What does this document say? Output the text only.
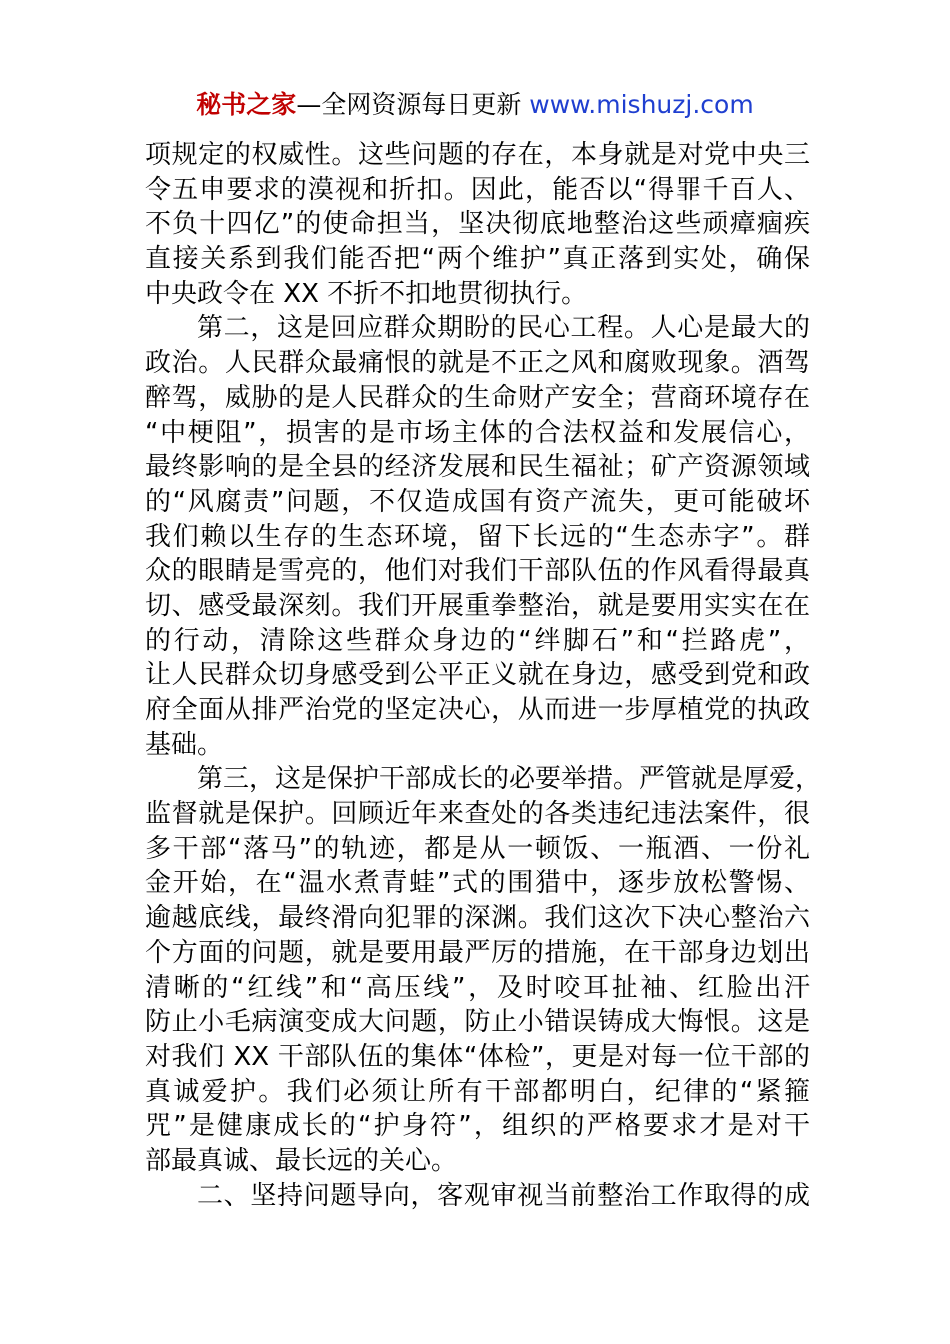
秘书之家—全网资源每日更新 www.mishuzj.com
项规定的权威性。这些问题的存在，本身就是对党中央三
令五申要求的漠视和折扣。因此，能否以“得罪千百人、
不负十四亿”的使命担当，坚决彻底地整治这些顽瘴痼疾
直接关系到我们能否把“两个维护”真正落到实处，确保
中央政令在 XX 不折不扣地贯彻执行。
第二，这是回应群众期盼的民心工程。人心是最大的
政治。人民群众最痛恨的就是不正之风和腐败现象。酒驾
醉驾，威胁的是人民群众的生命财产安全；营商环境存在
“中梗阻”，损害的是市场主体的合法权益和发展信心，
最终影响的是全县的经济发展和民生福祉；矿产资源领域
的“风腐责”问题，不仅造成国有资产流失，更可能破坏
我们赖以生存的生态环境，留下长远的“生态赤字”。群
众的眼睛是雪亮的，他们对我们干部队伍的作风看得最真
切、感受最深刻。我们开展重拳整治，就是要用实实在在
的行动，清除这些群众身边的“绊脚石”和“拦路虎”，
让人民群众切身感受到公平正义就在身边，感受到党和政
府全面从排严治党的坚定决心，从而进一步厚植党的执政
基础。
第三，这是保护干部成长的必要举措。严管就是厚爱，
监督就是保护。回顾近年来查处的各类违纪违法案件，很
多干部“落马”的轨迹，都是从一顿饭、一瓶酒、一份礼
金开始，在“温水煮青蛙”式的围猎中，逐步放松警惕、
逾越底线，最终滑向犯罪的深渊。我们这次下决心整治六
个方面的问题，就是要用最严厉的措施，在干部身边划出
清晰的“红线”和“高压线”，及时咬耳扯袖、红脸出汗
防止小毛病演变成大问题，防止小错误铸成大悔恨。这是
对我们 XX 干部队伍的集体“体检”，更是对每一位干部的
真诚爱护。我们必须让所有干部都明白，纪律的“紧箍
咒”是健康成长的“护身符”，组织的严格要求才是对干
部最真诚、最长远的关心。
二、坚持问题导向，客观审视当前整治工作取得的成
